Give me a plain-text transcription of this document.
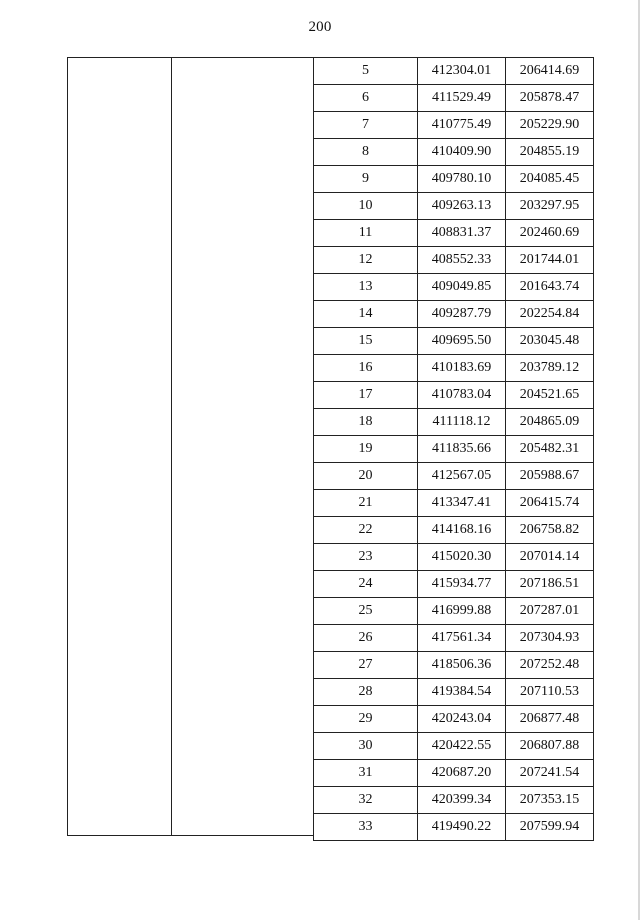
200
5	412304.01	206414.69
6	411529.49	205878.47
7	410775.49	205229.90
8	410409.90	204855.19
9	409780.10	204085.45
10	409263.13	203297.95
11	408831.37	202460.69
12	408552.33	201744.01
13	409049.85	201643.74
14	409287.79	202254.84
15	409695.50	203045.48
16	410183.69	203789.12
17	410783.04	204521.65
18	411118.12	204865.09
19	411835.66	205482.31
20	412567.05	205988.67
21	413347.41	206415.74
22	414168.16	206758.82
23	415020.30	207014.14
24	415934.77	207186.51
25	416999.88	207287.01
26	417561.34	207304.93
27	418506.36	207252.48
28	419384.54	207110.53
29	420243.04	206877.48
30	420422.55	206807.88
31	420687.20	207241.54
32	420399.34	207353.15
33	419490.22	207599.94
